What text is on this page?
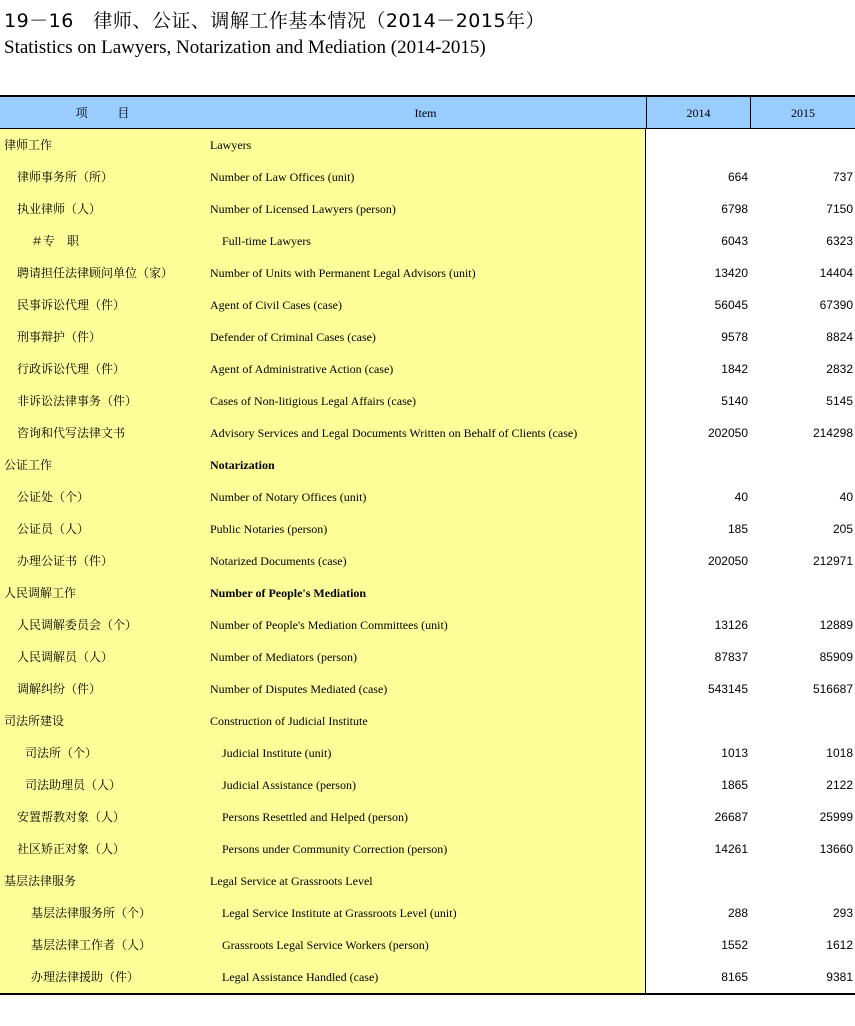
19－16　律师、公证、调解工作基本情况（2014－2015年）
Statistics on Lawyers, Notarization and Mediation (2014-2015)
项 目	Item	2014	2015
律师工作	Lawyers
律师事务所（所）	Number of Law Offices (unit)	664	737
执业律师（人）	Number of Licensed Lawyers (person)	6798	7150
＃专　职	Full-time Lawyers	6043	6323
聘请担任法律顾问单位（家）	Number of Units with Permanent Legal Advisors (unit)	13420	14404
民事诉讼代理（件）	Agent of Civil Cases (case)	56045	67390
刑事辩护（件）	Defender of Criminal Cases (case)	9578	8824
行政诉讼代理（件）	Agent of Administrative Action (case)	1842	2832
非诉讼法律事务（件）	Cases of Non-litigious Legal Affairs (case)	5140	5145
咨询和代写法律文书	Advisory Services and Legal Documents Written on Behalf of Clients (case)	202050	214298
公证工作	Notarization
公证处（个）	Number of Notary Offices (unit)	40	40
公证员（人）	Public Notaries (person)	185	205
办理公证书（件）	Notarized Documents (case)	202050	212971
人民调解工作	Number of People's Mediation
人民调解委员会（个）	Number of People's Mediation Committees (unit)	13126	12889
人民调解员（人）	Number of Mediators (person)	87837	85909
调解纠纷（件）	Number of Disputes Mediated (case)	543145	516687
司法所建设	Construction of Judicial Institute
司法所（个）	Judicial Institute (unit)	1013	1018
司法助理员（人）	Judicial Assistance (person)	1865	2122
安置帮教对象（人）	Persons Resettled and Helped (person)	26687	25999
社区矫正对象（人）	Persons under Community Correction (person)	14261	13660
基层法律服务	Legal Service at Grassroots Level
基层法律服务所（个）	Legal Service Institute at Grassroots Level (unit)	288	293
基层法律工作者（人）	Grassroots Legal Service Workers (person)	1552	1612
办理法律援助（件）	Legal Assistance Handled (case)	8165	9381
